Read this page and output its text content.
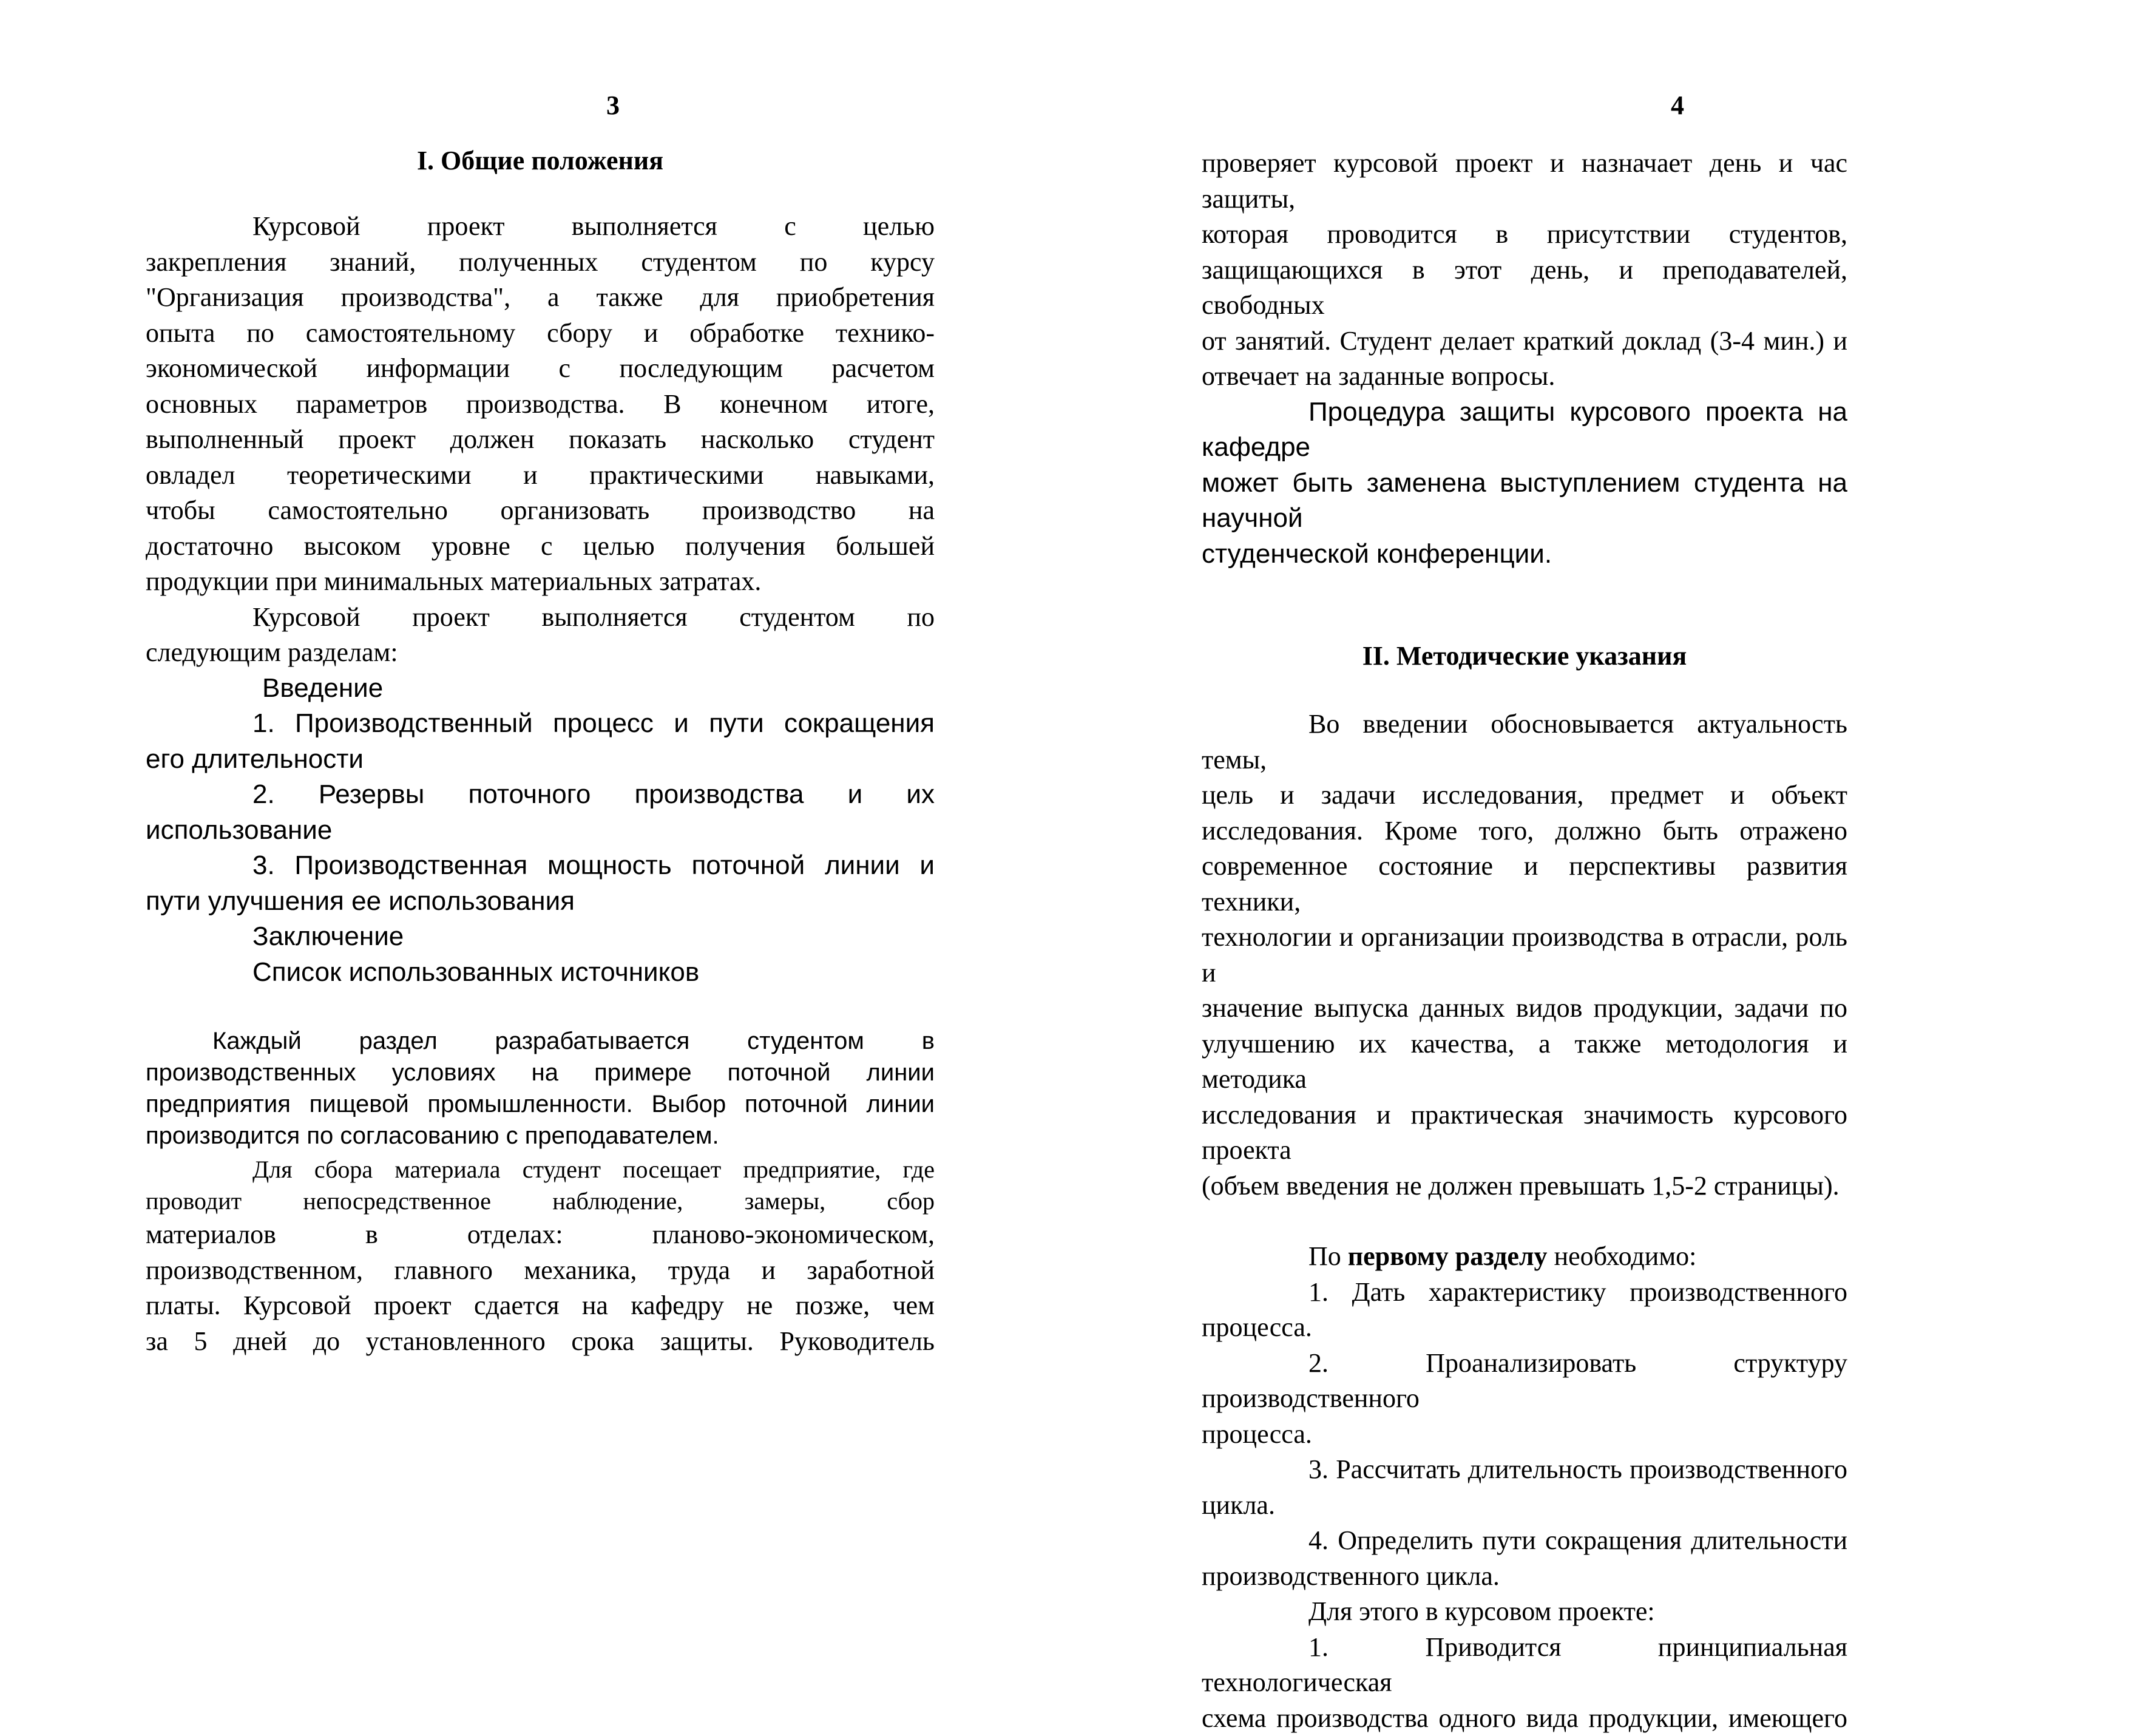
3
I. Общие положения

Курсовой проект выполняется с целью

закрепления знаний, полученных студентом по курсу

"Организация производства", а также для приобретения

опыта по самостоятельному сбору и обработке технико-

экономической информации с последующим расчетом

основных параметров производства. В конечном итоге,

выполненный проект должен показать насколько студент

овладел теоретическими и практическими навыками,

чтобы самостоятельно организовать производство на

достаточно высоком уровне с целью получения большей

продукции при минимальных материальных затратах.

Курсовой проект выполняется студентом по

следующим разделам:

Введение

1. Производственный процесс и пути сокращения

его длительности

2. Резервы поточного производства и их

использование

3. Производственная мощность поточной линии и

пути улучшения ее использования

Заключение

Список использованных источников

Каждый раздел разрабатывается студентом в

производственных условиях на примере поточной линии

предприятия пищевой промышленности. Выбор поточной линии

производится по согласованию с преподавателем.

Для сбора материала студент посещает предприятие, где

проводит непосредственное наблюдение, замеры, сбор

материалов в отделах: планово-экономическом,

производственном, главного механика, труда и заработной

платы. Курсовой проект сдается на кафедру не позже, чем

за 5 дней до установленного срока защиты. Руководитель

4

проверяет курсовой проект и назначает день и час защиты,

которая проводится в присутствии студентов,

защищающихся в этот день, и преподавателей, свободных

от занятий. Студент делает краткий доклад (3-4 мин.) и

отвечает на заданные вопросы.

Процедура защиты курсового проекта на кафедре

может быть заменена выступлением студента на научной

студенческой конференции.

II. Методические указания

Во введении обосновывается актуальность темы,

цель и задачи исследования, предмет и объект

исследования. Кроме того, должно быть отражено

современное состояние и перспективы развития техники,

технологии и организации производства в отрасли, роль и

значение выпуска данных видов продукции, задачи по

улучшению их качества, а также методология и методика

исследования и практическая значимость курсового проекта

(объем введения не должен превышать 1,5-2 страницы).

По первому разделу необходимо:

1. Дать характеристику производственного

процесса.

2. Проанализировать структуру производственного

процесса.

3. Рассчитать длительность производственного

цикла.

4. Определить пути сокращения длительности

производственного цикла.

Для этого в курсовом проекте:

1. Приводится принципиальная технологическая

схема производства одного вида продукции, имеющего
